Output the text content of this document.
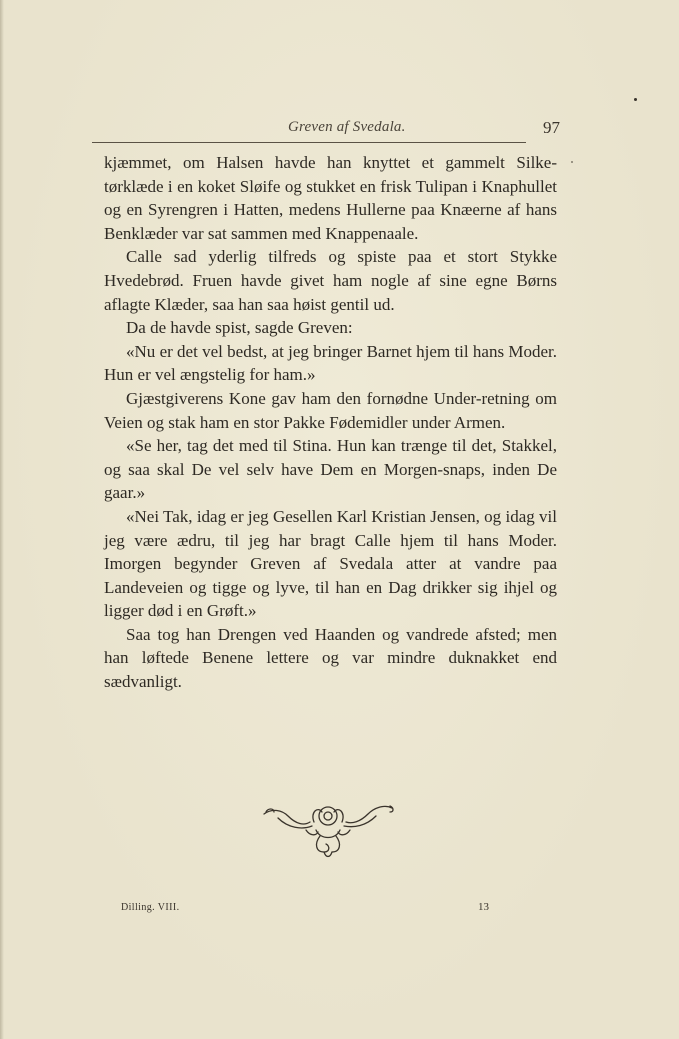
Greven af Svedala.	97

kjæmmet, om Halsen havde han knyttet et gammelt Silke-tørklæde i en koket Sløife og stukket en frisk Tulipan i Knaphullet og en Syrengren i Hatten, medens Hullerne paa Knæerne af hans Benklæder var sat sammen med Knappenaale.

Calle sad yderlig tilfreds og spiste paa et stort Stykke Hvedebrød. Fruen havde givet ham nogle af sine egne Børns aflagte Klæder, saa han saa høist gentil ud.

Da de havde spist, sagde Greven:

«Nu er det vel bedst, at jeg bringer Barnet hjem til hans Moder. Hun er vel ængstelig for ham.»

Gjæstgiverens Kone gav ham den fornødne Under-retning om Veien og stak ham en stor Pakke Fødemidler under Armen.

«Se her, tag det med til Stina. Hun kan trænge til det, Stakkel, og saa skal De vel selv have Dem en Morgen-snaps, inden De gaar.»

«Nei Tak, idag er jeg Gesellen Karl Kristian Jensen, og idag vil jeg være ædru, til jeg har bragt Calle hjem til hans Moder. Imorgen begynder Greven af Svedala atter at vandre paa Landeveien og tigge og lyve, til han en Dag drikker sig ihjel og ligger død i en Grøft.»

Saa tog han Drengen ved Haanden og vandrede afsted; men han løftede Benene lettere og var mindre duknakket end sædvanligt.

Dilling. VIII.	13
